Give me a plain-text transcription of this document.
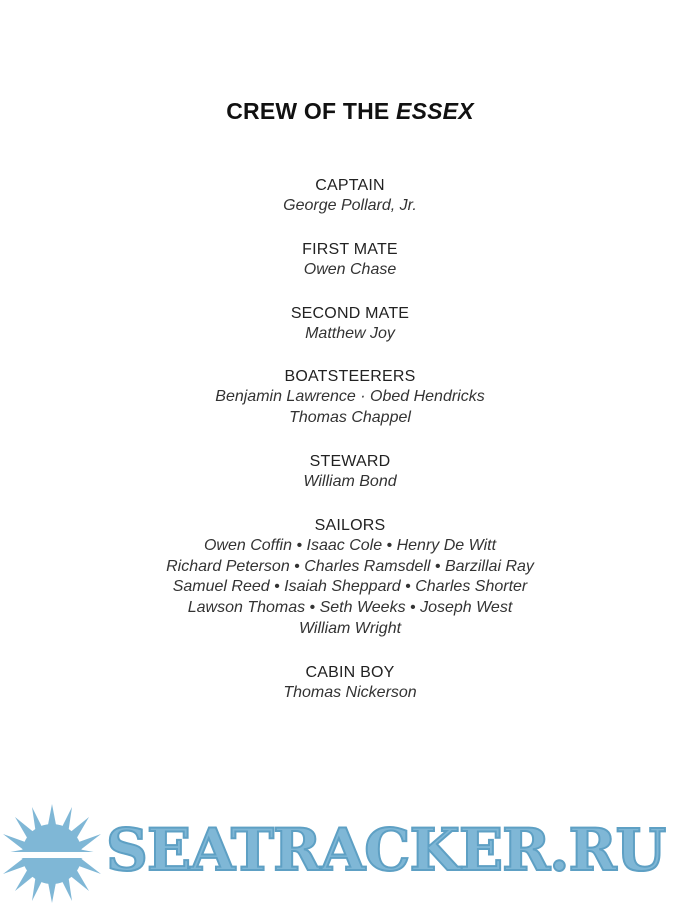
CREW OF THE ESSEX
CAPTAIN
George Pollard, Jr.
FIRST MATE
Owen Chase
SECOND MATE
Matthew Joy
BOATSTEERERS
Benjamin Lawrence · Obed Hendricks
Thomas Chappel
STEWARD
William Bond
SAILORS
Owen Coffin • Isaac Cole • Henry De Witt
Richard Peterson • Charles Ramsdell • Barzillai Ray
Samuel Reed • Isaiah Sheppard • Charles Shorter
Lawson Thomas • Seth Weeks • Joseph West
William Wright
CABIN BOY
Thomas Nickerson
SEATRACKER.RU
